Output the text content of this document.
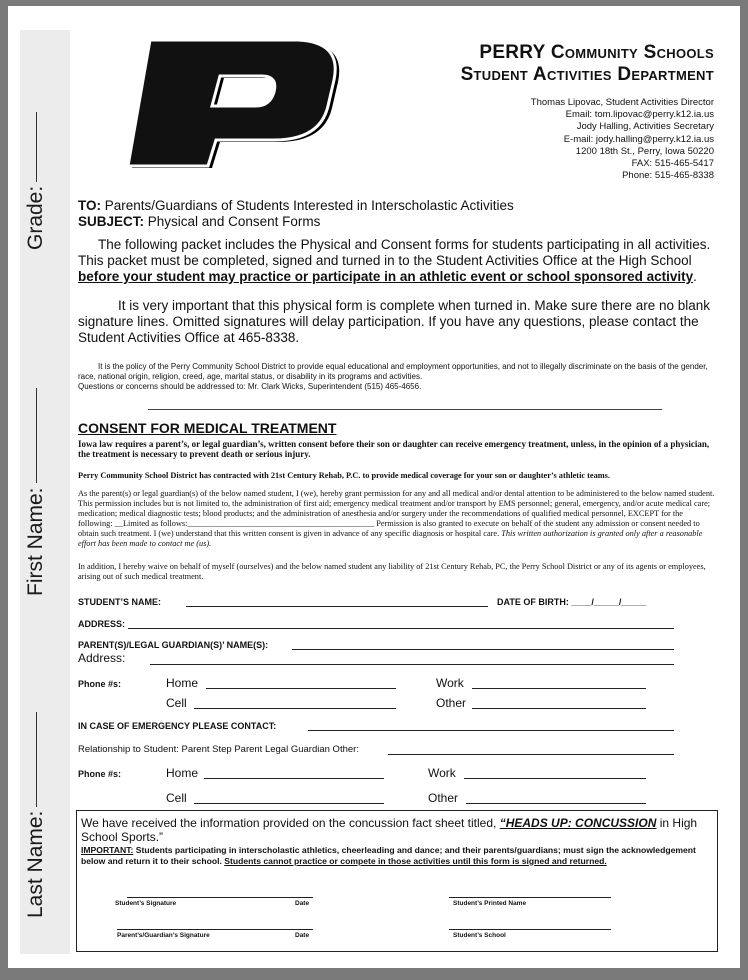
Grade:
First Name:
Last Name:
PERRY Community Schools
Student Activities Department
Thomas Lipovac, Student Activities Director
Email: tom.lipovac@perry.k12.ia.us
Jody Halling, Activities Secretary
E-mail: jody.halling@perry.k12.ia.us
1200 18th St., Perry, Iowa 50220
FAX: 515-465-5417
Phone: 515-465-8338
TO: Parents/Guardians of Students Interested in Interscholastic Activities
SUBJECT: Physical and Consent Forms
The following packet includes the Physical and Consent forms for students participating in all activities. This packet must be completed, signed and turned in to the Student Activities Office at the High School before your student may practice or participate in an athletic event or school sponsored activity.
It is very important that this physical form is complete when turned in. Make sure there are no blank signature lines. Omitted signatures will delay participation. If you have any questions, please contact the Student Activities Office at 465-8338.
It is the policy of the Perry Community School District to provide equal educational and employment opportunities, and not to illegally discriminate on the basis of the gender, race, national origin, religion, creed, age, marital status, or disability in its programs and activities.
Questions or concerns should be addressed to: Mr. Clark Wicks, Superintendent (515) 465-4656.
CONSENT FOR MEDICAL TREATMENT
Iowa law requires a parent’s, or legal guardian’s, written consent before their son or daughter can receive emergency treatment, unless, in the opinion of a physician, the treatment is necessary to prevent death or serious injury.
Perry Community School District has contracted with 21st Century Rehab, P.C. to provide medical coverage for your son or daughter’s athletic teams.
As the parent(s) or legal guardian(s) of the below named student, I (we), hereby grant permission for any and all medical and/or dental attention to be administered to the below named student. This permission includes but is not limited to, the administration of first aid; emergency medical treatment and/or transport by EMS personnel; general, emergency, and/or acute medical care; medication; medical diagnostic tests; blood products; and the administration of anesthesia and/or surgery under the recommendations of qualified medical personnel, EXCEPT for the following: __Limited as follows:_____________________________________________ Permission is also granted to execute on behalf of the student any admission or consent needed to obtain such treatment. I (we) understand that this written consent is given in advance of any specific diagnosis or hospital care. This written authorization is granted only after a reasonable effort has been made to contact me (us).
In addition, I hereby waive on behalf of myself (ourselves) and the below named student any liability of 21st Century Rehab, PC, the Perry School District or any of its agents or employees, arising out of such medical treatment.
STUDENT’S NAME:	DATE OF BIRTH: ____/_____/_____
ADDRESS:
PARENT(S)/LEGAL GUARDIAN(S)’ NAME(S):
Address:
Phone #s:	Home	Work
Cell	Other
IN CASE OF EMERGENCY PLEASE CONTACT:
Relationship to Student: Parent Step Parent Legal Guardian Other:
Phone #s:	Home	Work
Cell	Other
We have received the information provided on the concussion fact sheet titled, “HEADS UP: CONCUSSION in High School Sports.”
IMPORTANT: Students participating in interscholastic athletics, cheerleading and dance; and their parents/guardians; must sign the acknowledgement below and return it to their school. Students cannot practice or compete in those activities until this form is signed and returned.
Student’s Signature	Date	Student’s Printed Name
Parent’s/Guardian’s Signature	Date	Student’s School
